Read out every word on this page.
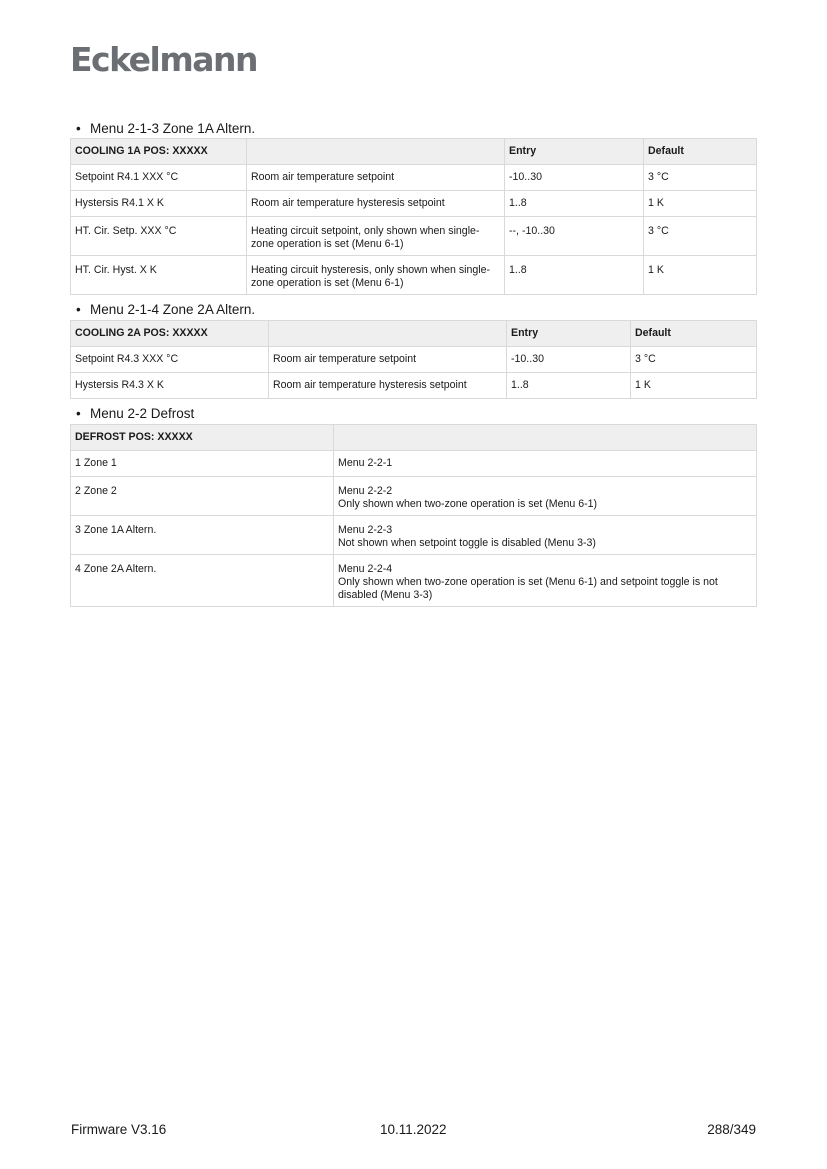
Eckelmann
• Menu 2-1-3 Zone 1A Altern.
COOLING 1A POS: XXXXX		Entry	Default
Setpoint R4.1 XXX °C	Room air temperature setpoint	-10..30	3 °C
Hystersis R4.1 X K	Room air temperature hysteresis setpoint	1..8	1 K
HT. Cir. Setp. XXX °C	Heating circuit setpoint, only shown when single-zone operation is set (Menu 6-1)	--, -10..30	3 °C
HT. Cir. Hyst. X K	Heating circuit hysteresis, only shown when single-zone operation is set (Menu 6-1)	1..8	1 K
• Menu 2-1-4 Zone 2A Altern.
COOLING 2A POS: XXXXX		Entry	Default
Setpoint R4.3 XXX °C	Room air temperature setpoint	-10..30	3 °C
Hystersis R4.3 X K	Room air temperature hysteresis setpoint	1..8	1 K
• Menu 2-2 Defrost
DEFROST POS: XXXXX	
1 Zone 1	Menu 2-2-1

2 Zone 2	Menu 2-2-2
Only shown when two-zone operation is set (Menu 6-1)

3 Zone 1A Altern.	Menu 2-2-3
Not shown when setpoint toggle is disabled (Menu 3-3)

4 Zone 2A Altern.	Menu 2-2-4
Only shown when two-zone operation is set (Menu 6-1) and setpoint toggle is not disabled (Menu 3-3)
Firmware V3.16	10.11.2022	288/349
